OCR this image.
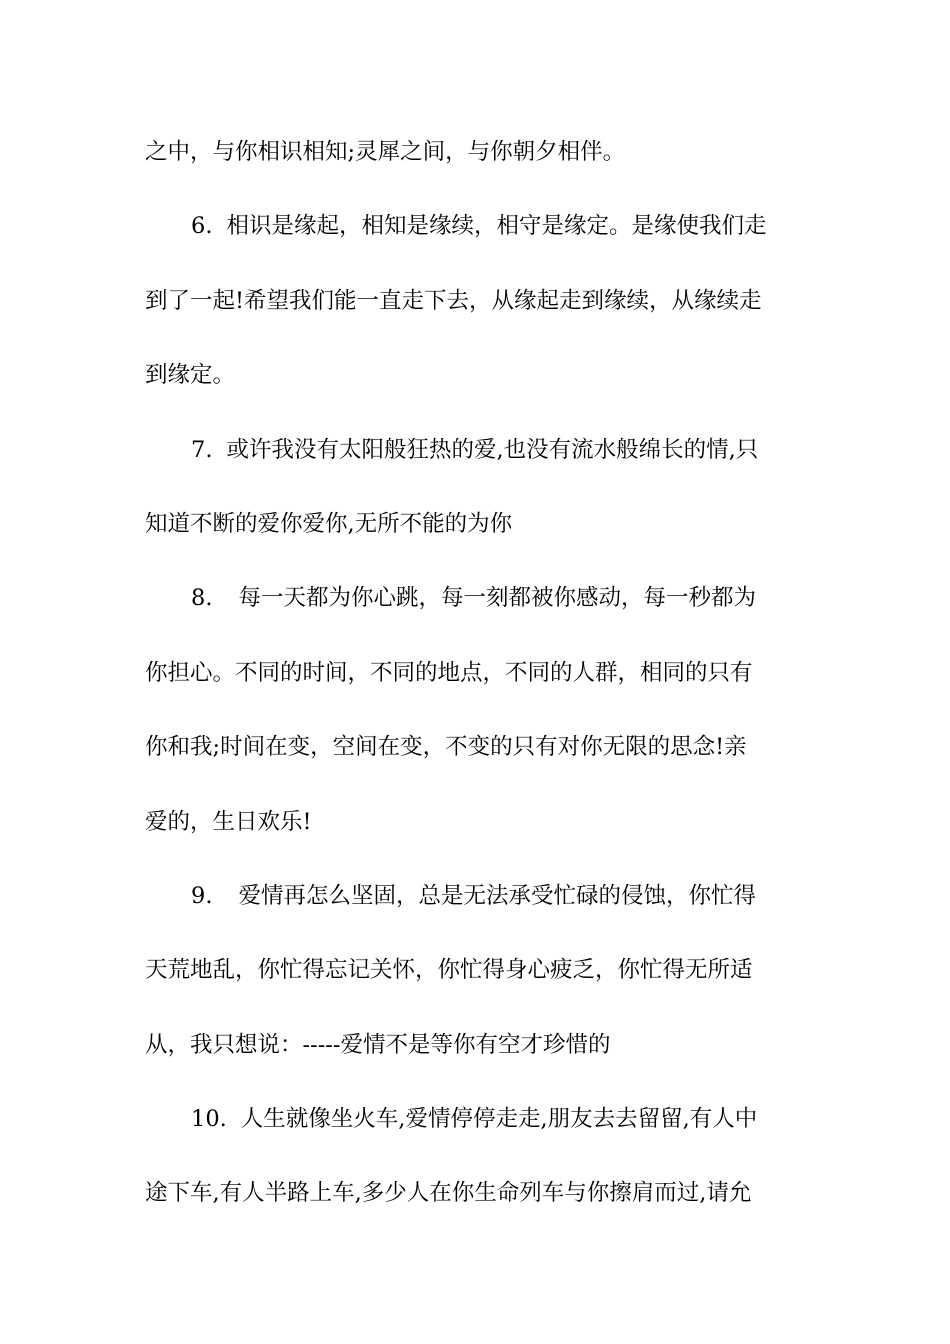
之中，与你相识相知;灵犀之间，与你朝夕相伴。
6. 相识是缘起，相知是缘续，相守是缘定。是缘使我们走
到了一起!希望我们能一直走下去，从缘起走到缘续，从缘续走
到缘定。
7. 或许我没有太阳般狂热的爱,也没有流水般绵长的情,只
知道不断的爱你爱你,无所不能的为你
8. 每一天都为你心跳，每一刻都被你感动，每一秒都为
你担心。不同的时间，不同的地点，不同的人群，相同的只有
你和我;时间在变，空间在变，不变的只有对你无限的思念!亲
爱的，生日欢乐!
9. 爱情再怎么坚固，总是无法承受忙碌的侵蚀，你忙得
天荒地乱，你忙得忘记关怀，你忙得身心疲乏，你忙得无所适
从，我只想说：-----爱情不是等你有空才珍惜的
10. 人生就像坐火车,爱情停停走走,朋友去去留留,有人中
途下车,有人半路上车,多少人在你生命列车与你擦肩而过,请允
